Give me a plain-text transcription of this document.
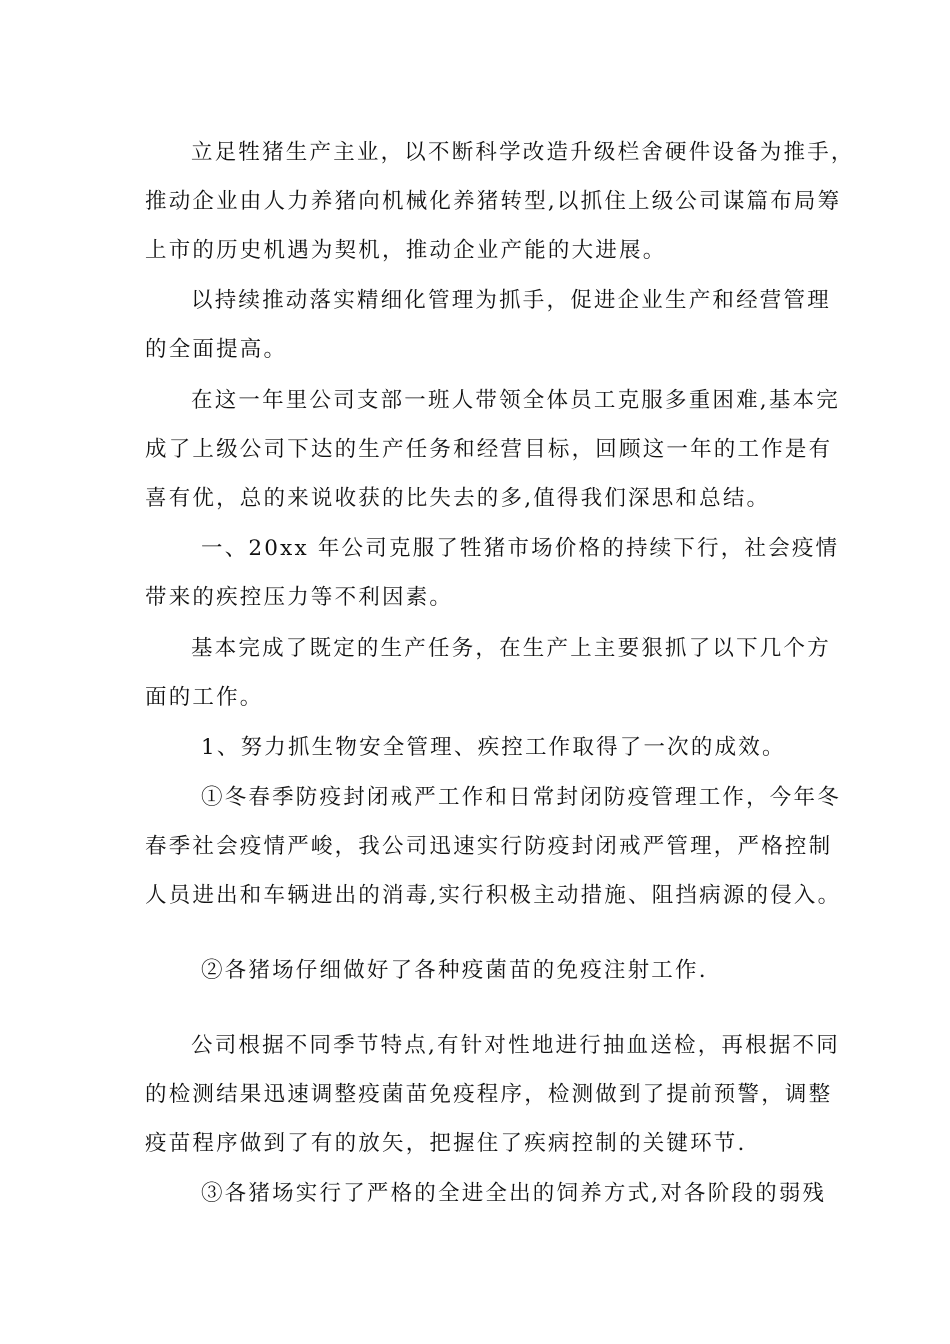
立足牲猪生产主业，以不断科学改造升级栏舍硬件设备为推手，
推动企业由人力养猪向机械化养猪转型,以抓住上级公司谋篇布局筹
上市的历史机遇为契机，推动企业产能的大进展。

以持续推动落实精细化管理为抓手，促进企业生产和经营管理
的全面提高。

在这一年里公司支部一班人带领全体员工克服多重困难,基本完
成了上级公司下达的生产任务和经营目标，回顾这一年的工作是有
喜有优，总的来说收获的比失去的多,值得我们深思和总结。

一、20xx 年公司克服了牲猪市场价格的持续下行，社会疫情
带来的疾控压力等不利因素。

基本完成了既定的生产任务，在生产上主要狠抓了以下几个方
面的工作。

1、努力抓生物安全管理、疾控工作取得了一次的成效。

①冬春季防疫封闭戒严工作和日常封闭防疫管理工作，今年冬
春季社会疫情严峻，我公司迅速实行防疫封闭戒严管理，严格控制
人员进出和车辆进出的消毒,实行积极主动措施、阻挡病源的侵入。

②各猪场仔细做好了各种疫菌苗的免疫注射工作.

公司根据不同季节特点,有针对性地进行抽血送检，再根据不同
的检测结果迅速调整疫菌苗免疫程序，检测做到了提前预警，调整
疫苗程序做到了有的放矢，把握住了疾病控制的关键环节.

③各猪场实行了严格的全进全出的饲养方式,对各阶段的弱残
